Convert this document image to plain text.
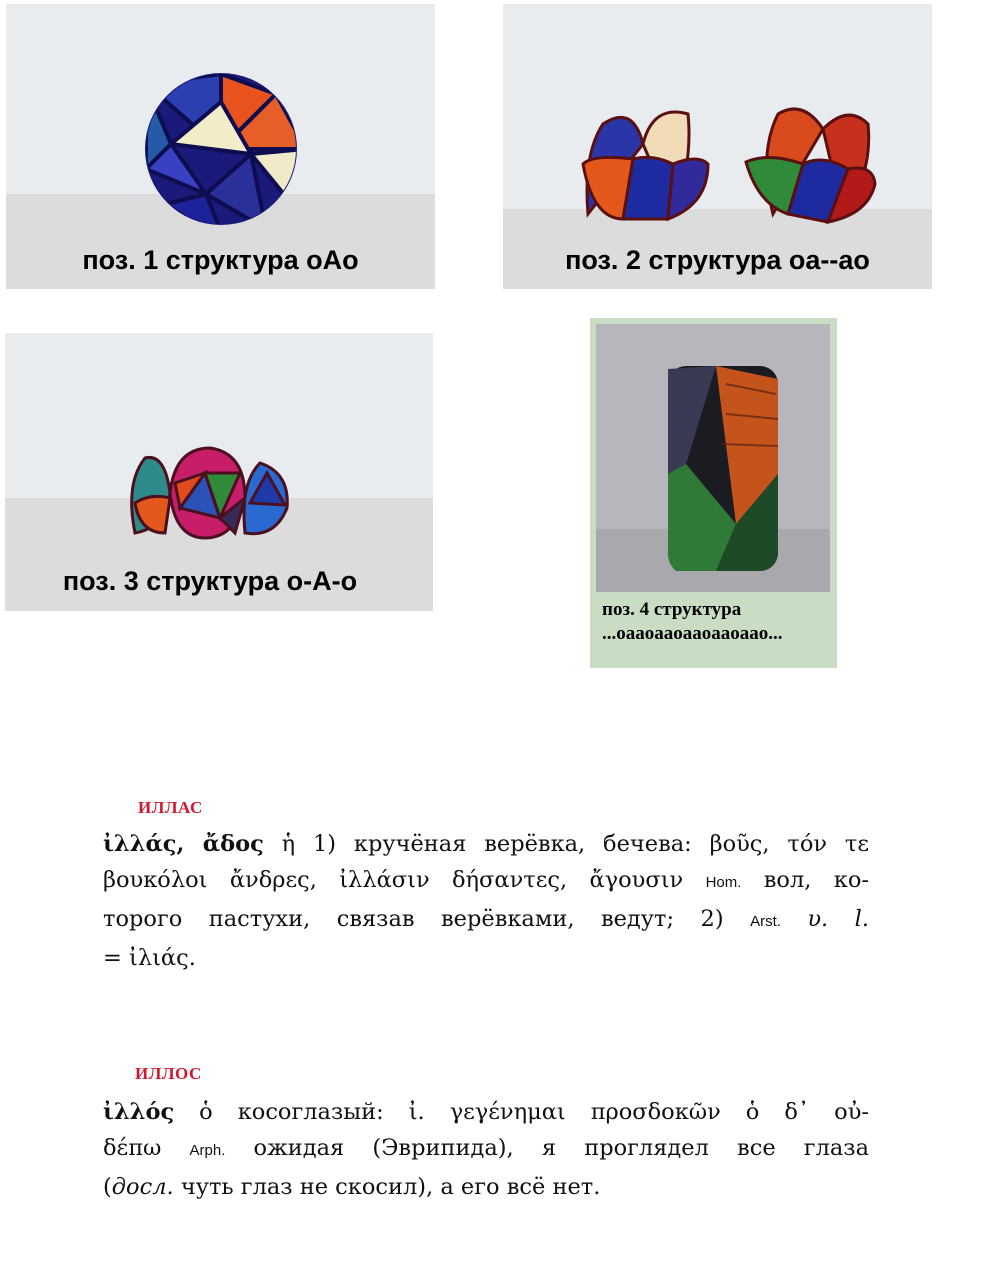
поз. 1 структура оАо	поз. 2 структура оа--ао
поз. 3 структура о-А-о
поз. 4 структура
...оааоааоааоааоаао...
ИЛЛАС
ἰλλάς, ἄδος ἡ 1) кручёная верёвка, бечева: βοῦς, τόν τε
βουκόλοι ἄνδρες, ἰλλάσιν δήσαντες, ἄγουσιν Hom. вол, ко-
торого пастухи, связав верёвками, ведут; 2) Arst. υ. l.
= ἰλιάς.
ИЛЛОС
ἰλλός ὁ косоглазый: ἰ. γεγένημαι προσδοκῶν ὁ δ᾽ οὐ-
δέπω Arph. ожидая (Эврипида), я проглядел все глаза
(досл. чуть глаз не скосил), а его всё нет.
